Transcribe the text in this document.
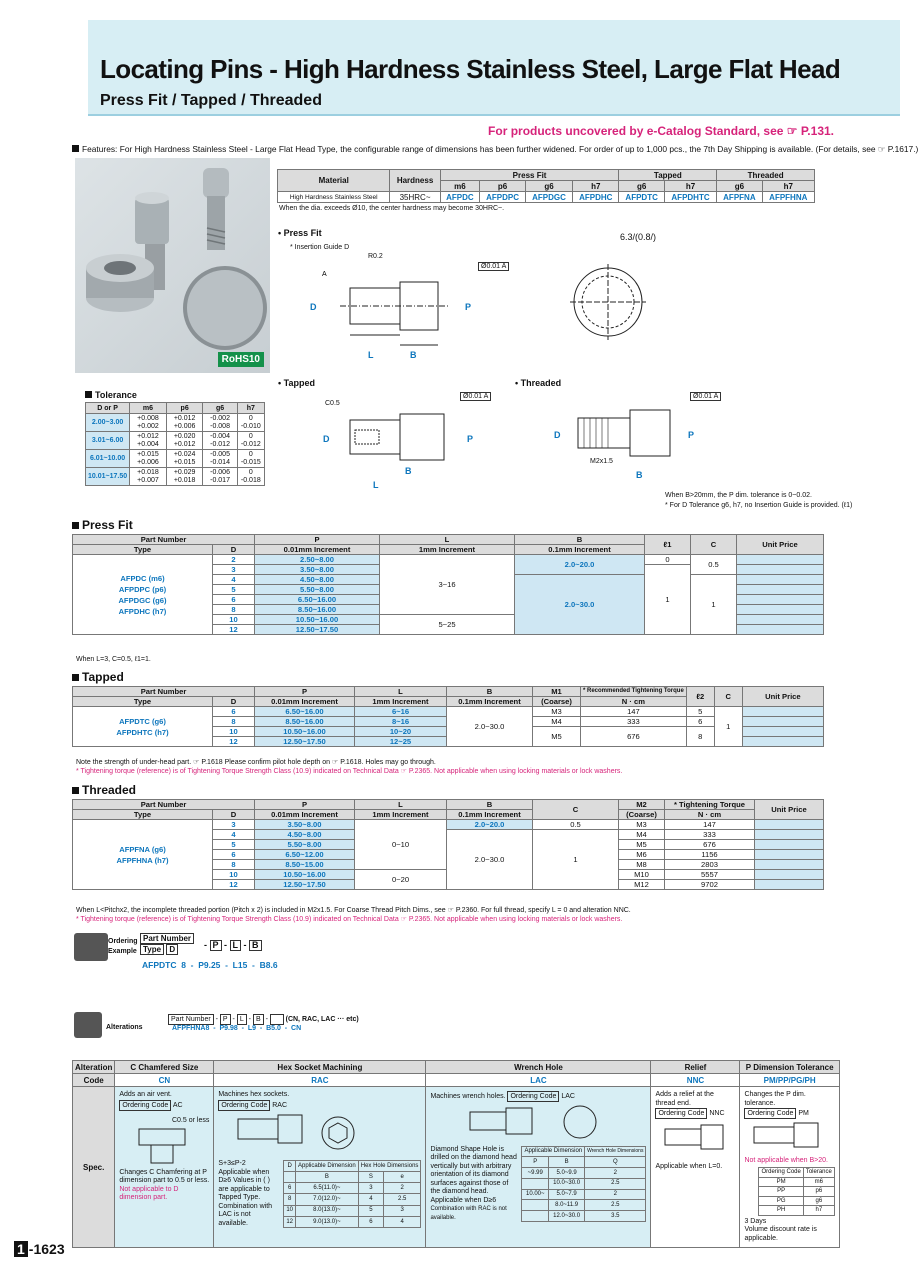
Locating Pins - High Hardness Stainless Steel, Large Flat Head
Press Fit / Tapped / Threaded
For products uncovered by e-Catalog Standard, see ☞ P.131.
Features: For High Hardness Stainless Steel - Large Flat Head Type, the configurable range of dimensions has been further widened. For order of up to 1,000 pcs., the 7th Day Shipping is available. (For details, see ☞ P.1617.)
RoHS10
Material	Hardness	Press Fit				Tapped		Threaded	
		m6	p6	g6	h7	g6	h7	g6	h7
High Hardness Stainless Steel	35HRC~	AFPDC	AFPDPC	AFPDGC	AFPDHC	AFPDTC	AFPDHTC	AFPFNA	AFPFHNA
When the dia. exceeds Ø10, the center hardness may become 30HRC~.
• Press Fit
* Insertion Guide D
R0.2
Ø0.01 A
6.3/(0.8/)
D	P
L	B
A
• Tapped
C0.5
D	P
B
L
Ø0.01 A
• Threaded
D	P
B
M2x1.5
Ø0.01 A
When B>20mm, the P dim. tolerance is 0~0.02.
* For D Tolerance g6, h7, no Insertion Guide is provided. (ℓ1)
Tolerance
D or P	m6	p6	g6	h7
2.00~3.00	+0.008 +0.002	+0.012 +0.006	-0.002 -0.008	0 -0.010
3.01~6.00	+0.012 +0.004	+0.020 +0.012	-0.004 -0.012	0 -0.012
6.01~10.00	+0.015 +0.006	+0.024 +0.015	-0.005 -0.014	0 -0.015
10.01~17.50	+0.018 +0.007	+0.029 +0.018	-0.006 -0.017	0 -0.018
Press Fit
Part Number		P	L	B	ℓ1	C	Unit Price
Type	D	0.01mm Increment	1mm Increment	0.1mm Increment			

AFPDC (m6)
AFPDPC (p6)
AFPDGC (g6)
AFPDHC (h7)	2	2.50~8.00	3~16	2.0~20.0	0	0.5	
	3	3.50~8.00			1		
	4	4.50~8.00		2.0~30.0		1	
	5	5.50~8.00					
	6	6.50~16.00					
	8	8.50~16.00					
	10	10.50~16.00	5~25				
	12	12.50~17.50					
When L=3, C=0.5, ℓ1=1.
Tapped
Part Number		P	L	B	M1	* Recommended Tightening Torque	ℓ2	C	Unit Price
Type	D	0.01mm Increment	1mm Increment	0.1mm Increment	(Coarse)	N · cm			

AFPDTC (g6)
AFPDHTC (h7)	6	6.50~16.00	6~16	2.0~30.0	M3	147	5	1	
	8	8.50~16.00	8~16		M4	333	6		
	10	10.50~16.00	10~20		M5	676	8		
	12	12.50~17.50	12~25						
Note the strength of under-head part. ☞ P.1618 Please confirm pilot hole depth on ☞ P.1618. Holes may go through.
* Tightening torque (reference) is of Tightening Torque Strength Class (10.9) indicated on Technical Data ☞ P.2365. Not applicable when using locking materials or lock washers.
Threaded
Part Number		P	L	B	C	M2	* Tightening Torque	Unit Price
Type	D	0.01mm Increment	1mm Increment	0.1mm Increment		(Coarse)	N · cm	

AFPFNA (g6)
AFPFHNA (h7)	3	3.50~8.00	0~10	2.0~20.0	0.5	M3	147	
	4	4.50~8.00		2.0~30.0	1	M4	333	
	5	5.50~8.00				M5	676	
	6	6.50~12.00				M6	1156	
	8	8.50~15.00				M8	2803	
	10	10.50~16.00	0~20			M10	5557	
	12	12.50~17.50				M12	9702	
When L<Pitchx2, the incomplete threaded portion (Pitch x 2) is included in M2x1.5. For Coarse Thread Pitch Dims., see ☞ P.2360. For full thread, specify L = 0 and alteration NNC.
* Tightening torque (reference) is of Tightening Torque Strength Class (10.9) indicated on Technical Data ☞ P.2365. Not applicable when using locking materials or lock washers.
Ordering
Example
Part Number
Type D	- P - L - B
AFPDTC  8  -  P9.25  -  L15  -  B8.6
Alterations
Part Number - P - L - B -      (CN, RAC, LAC ··· etc)
AFPFHNA8  -  P9.98  -  L9  -  B5.0  -  CN
Alteration	C Chamfered Size	Hex Socket Machining	Wrench Hole	Relief	P Dimension Tolerance
Code	CN	RAC	LAC	NNC	PM/PP/PG/PH
Spec.	
Adds an air vent.
Ordering Code AC
C0.5 or less
Changes C Chamfering at P dimension part to 0.5 or less.
Not applicable to D dimension part.

Machines hex sockets.
Ordering Code RAC
S+3≤P-2
Applicable when D≥6 Values in ( ) are applicable to Tapped Type.
Combination with LAC is not available.
D	Applicable Dimension	Hex Hole Dimensions
	B	S	e
6	6.5(11.0)~	3	2
8	7.0(12.0)~	4	2.5
10	8.0(13.0)~	5	3
12	9.0(13.0)~	6	4

Machines wrench holes. Ordering Code LAC
Diamond Shape Hole is drilled on the diamond head vertically but with arbitrary orientation of its diamond surfaces against those of the diamond head.
Applicable when D≥6
Combination with RAC is not available.
Applicable Dimension	Wrench Hole Dimensions
P	B	Q
~9.99	5.0~9.9	2
	10.0~30.0	2.5
10.00~	5.0~7.9	2
	8.0~11.9	2.5
	12.0~30.0	3.5

Adds a relief at the thread end.
Ordering Code NNC
Applicable when L=0.

Changes the P dim. tolerance.
Ordering Code PM
Not applicable when B>20.
Ordering Code	Tolerance
PM	m6
PP	p6
PG	g6
PH	h7
3 Days
Volume discount rate is applicable.
1 -1623
